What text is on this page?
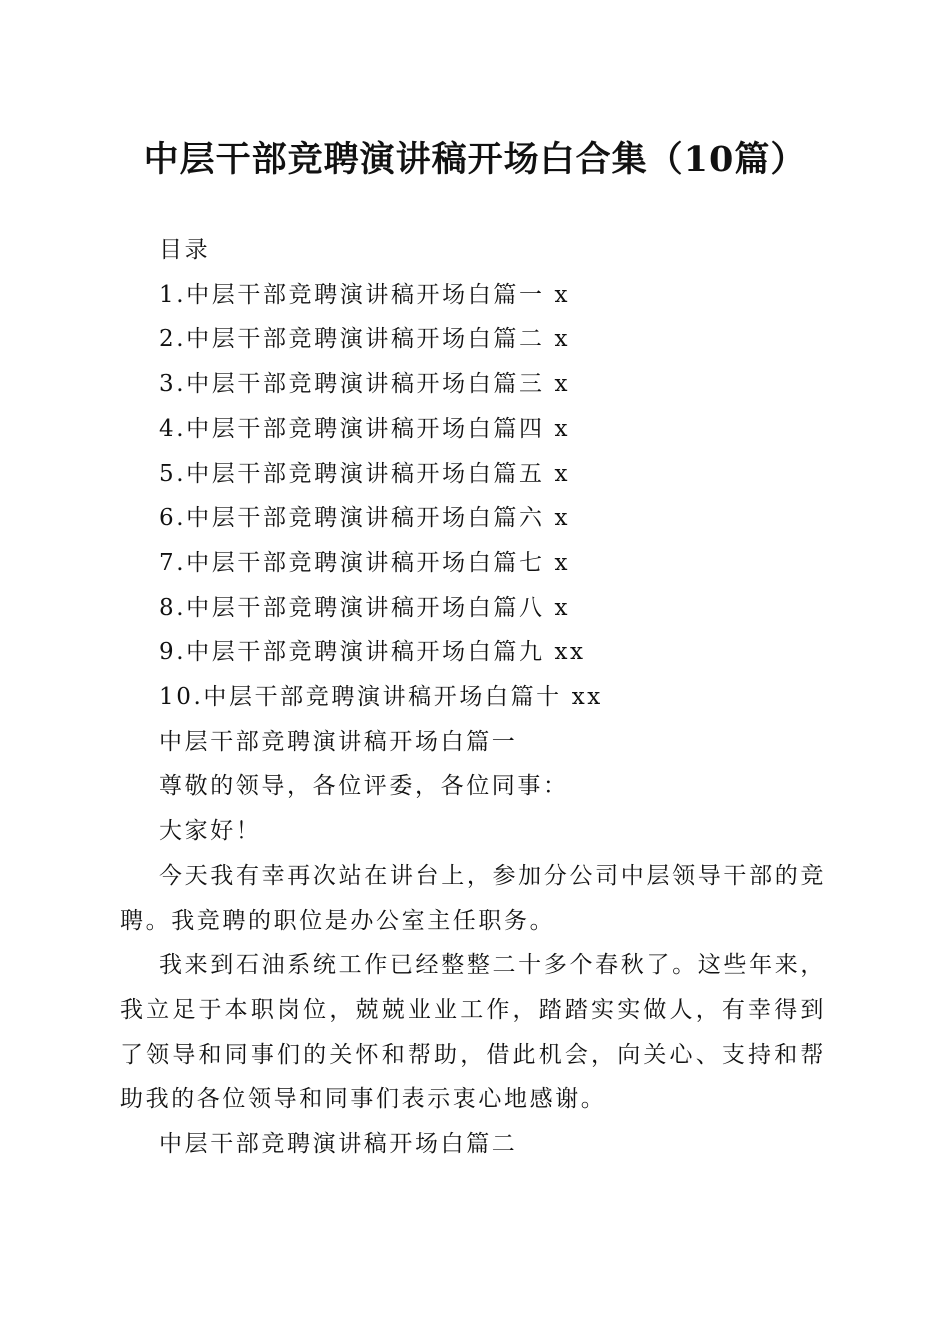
中层干部竞聘演讲稿开场白合集（10篇）

目录

1.中层干部竞聘演讲稿开场白篇一 x

2.中层干部竞聘演讲稿开场白篇二 x

3.中层干部竞聘演讲稿开场白篇三 x

4.中层干部竞聘演讲稿开场白篇四 x

5.中层干部竞聘演讲稿开场白篇五 x

6.中层干部竞聘演讲稿开场白篇六 x

7.中层干部竞聘演讲稿开场白篇七 x

8.中层干部竞聘演讲稿开场白篇八 x

9.中层干部竞聘演讲稿开场白篇九 xx

10.中层干部竞聘演讲稿开场白篇十 xx

中层干部竞聘演讲稿开场白篇一

尊敬的领导，各位评委，各位同事：

大家好！

今天我有幸再次站在讲台上，参加分公司中层领导干部的竞聘。我竞聘的职位是办公室主任职务。

我来到石油系统工作已经整整二十多个春秋了。这些年来，我立足于本职岗位，兢兢业业工作，踏踏实实做人，有幸得到了领导和同事们的关怀和帮助，借此机会，向关心、支持和帮助我的各位领导和同事们表示衷心地感谢。

中层干部竞聘演讲稿开场白篇二
